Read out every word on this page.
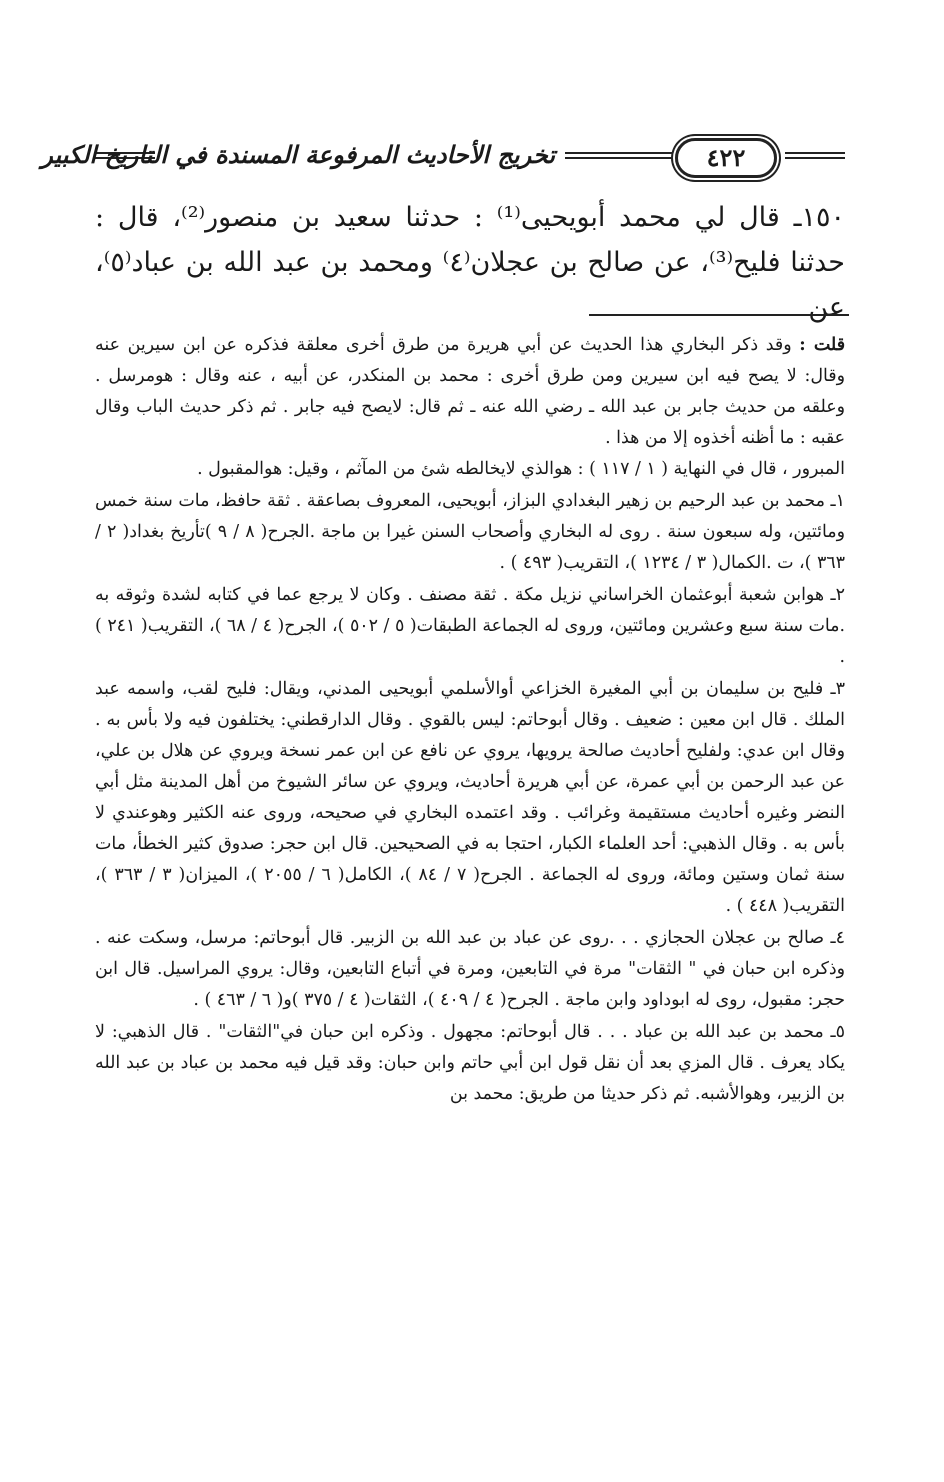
٤٢٢
تخريج الأحاديث المرفوعة المسندة في التاريخ الكبير

١٥٠ـ قال لي محمد أبويحيى⁽¹⁾ : حدثنا سعيد بن منصور⁽²⁾، قال : حدثنا فليح⁽³⁾، عن صالح بن عجلان⁽٤⁾ ومحمد بن عبد الله بن عباد⁽٥⁾، عن

قلت : وقد ذكر البخاري هذا الحديث عن أبي هريرة من طرق أخرى معلقة فذكره عن ابن سيرين عنه وقال: لا يصح فيه ابن سيرين ومن طرق أخرى : محمد بن المنكدر، عن أبيه ، عنه وقال : هومرسل . وعلقه من حديث جابر بن عبد الله ـ رضي الله عنه ـ ثم قال: لايصح فيه جابر . ثم ذكر حديث الباب وقال عقبه : ما أظنه أخذوه إلا من هذا .

المبرور ، قال في النهاية ( ١ / ١١٧ ) : هوالذي لايخالطه شئ من المآثم ، وقيل: هوالمقبول .

١ـ محمد بن عبد الرحيم بن زهير البغدادي البزاز، أبويحيى، المعروف بصاعقة . ثقة حافظ، مات سنة خمس ومائتين، وله سبعون سنة . روى له البخاري وأصحاب السنن غيرا بن ماجة .الجرح( ٨ / ٩ )تأريخ بغداد( ٢ / ٣٦٣ )، ت .الكمال( ٣ / ١٢٣٤ )، التقريب( ٤٩٣ ) .

٢ـ هوابن شعبة أبوعثمان الخراساني نزيل مكة . ثقة مصنف . وكان لا يرجع عما في كتابه لشدة وثوقه به .مات سنة سبع وعشرين ومائتين، وروى له الجماعة الطبقات( ٥ / ٥٠٢ )، الجرح( ٤ / ٦٨ )، التقريب( ٢٤١ ) .

٣ـ فليح بن سليمان بن أبي المغيرة الخزاعي أوالأسلمي أبويحيى المدني، ويقال: فليح لقب، واسمه عبد الملك . قال ابن معين : ضعيف . وقال أبوحاتم: ليس بالقوي . وقال الدارقطني: يختلفون فيه ولا بأس به . وقال ابن عدي: ولفليح أحاديث صالحة يرويها، يروي عن نافع عن ابن عمر نسخة ويروي عن هلال بن علي، عن عبد الرحمن بن أبي عمرة، عن أبي هريرة أحاديث، ويروي عن سائر الشيوخ من أهل المدينة مثل أبي النضر وغيره أحاديث مستقيمة وغرائب . وقد اعتمده البخاري في صحيحه، وروى عنه الكثير وهوعندي لا بأس به . وقال الذهبي: أحد العلماء الكبار، احتجا به في الصحيحين. قال ابن حجر: صدوق كثير الخطأ، مات سنة ثمان وستين ومائة، وروى له الجماعة . الجرح( ٧ / ٨٤ )، الكامل( ٦ / ٢٠٥٥ )، الميزان( ٣ / ٣٦٣ )، التقريب( ٤٤٨ ) .

٤ـ صالح بن عجلان الحجازي . . .روى عن عباد بن عبد الله بن الزبير. قال أبوحاتم: مرسل، وسكت عنه . وذكره ابن حبان في " الثقات" مرة في التابعين، ومرة في أتباع التابعين، وقال: يروي المراسيل. قال ابن حجر: مقبول، روى له ابوداود وابن ماجة . الجرح( ٤ / ٤٠٩ )، الثقات( ٤ / ٣٧٥ )و( ٦ / ٤٦٣ ) .

٥ـ محمد بن عبد الله بن عباد . . . قال أبوحاتم: مجهول . وذكره ابن حبان في"الثقات" . قال الذهبي: لا يكاد يعرف . قال المزي بعد أن نقل قول ابن أبي حاتم وابن حبان: وقد قيل فيه محمد بن عباد بن عبد الله بن الزبير، وهوالأشبه. ثم ذكر حديثا من طريق: محمد بن
